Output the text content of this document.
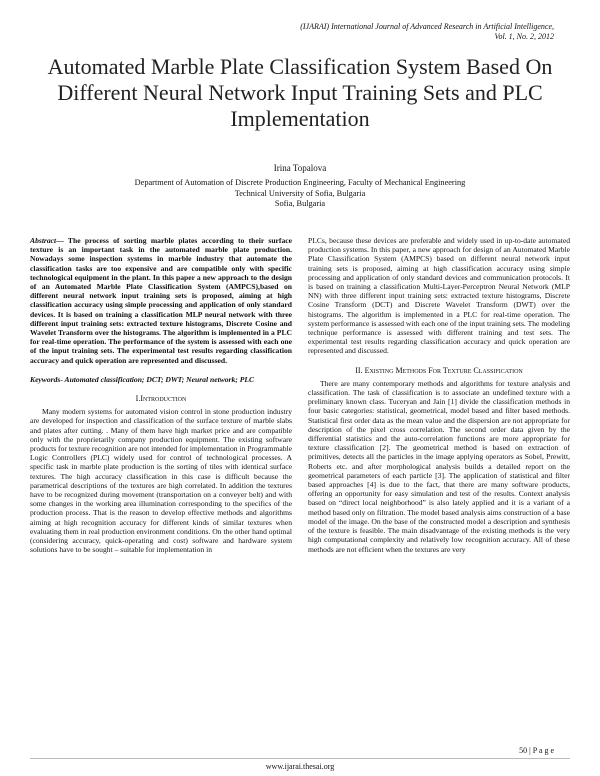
(IJARAI) International Journal of Advanced Research in Artificial Intelligence,
Vol. 1, No. 2, 2012
Automated Marble Plate Classification System Based On Different Neural Network Input Training Sets and PLC Implementation
Irina Topalova
Department of Automation of Discrete Production Engineering, Faculty of Mechanical Engineering
Technical University of Sofia, Bulgaria
Sofia, Bulgaria
Abstract— The process of sorting marble plates according to their surface texture is an important task in the automated marble plate production. Nowadays some inspection systems in marble industry that automate the classification tasks are too expensive and are compatible only with specific technological equipment in the plant. In this paper a new approach to the design of an Automated Marble Plate Classification System (AMPCS),based on different neural network input training sets is proposed, aiming at high classification accuracy using simple processing and application of only standard devices. It is based on training a classification MLP neural network with three different input training sets: extracted texture histograms, Discrete Cosine and Wavelet Transform over the histograms. The algorithm is implemented in a PLC for real-time operation. The performance of the system is assessed with each one of the input training sets. The experimental test results regarding classification accuracy and quick operation are represented and discussed.
Keywords- Automated classification; DCT; DWT; Neural network; PLC
I.Introduction

Many modern systems for automated vision control in stone production industry are developed for inspection and classification of the surface texture of marble slabs and plates after cutting. . Many of them have high market price and are compatible only with the proprietarily company production equipment. The existing software products for texture recognition are not intended for implementation in Programmable Logic Controllers (PLC) widely used for control of technological processes. A specific task in marble plate production is the sorting of tiles with identical surface textures. The high accuracy classification in this case is difficult because the parametrical descriptions of the textures are high correlated. In addition the textures have to be recognized during movement (transportation on a conveyer belt) and with some changes in the working area illumination corresponding to the specifics of the production process. That is the reason to develop effective methods and algorithms aiming at high recognition accuracy for different kinds of similar textures when evaluating them in real production environment conditions. On the other hand optimal (considering accuracy, quick-operating and cost) software and hardware system solutions have to be sought – suitable for implementation in

PLCs, because these devices are preferable and widely used in up-to-date automated production systems. In this paper, a new approach for design of an Automated Marble Plate Classification System (AMPCS) based on different neural network input training sets is proposed, aiming at high classification accuracy using simple processing and application of only standard devices and communication protocols. It is based on training a classification Multi-Layer-Perceptron Neural Network (MLP NN) with three different input training sets: extracted texture histograms, Discrete Cosine Transform (DCT) and Discrete Wavelet Transform (DWT) over the histograms. The algorithm is implemented in a PLC for real-time operation. The system performance is assessed with each one of the input training sets. The modeling technique performance is assessed with different training and test sets. The experimental test results regarding classification accuracy and quick operation are represented and discussed.

II. Existing Methods For Texture Classification

There are many contemporary methods and algorithms for texture analysis and classification. The task of classification is to associate an undefined texture with a preliminary known class. Tuceryan and Jain [1] divide the classification methods in four basic categories: statistical, geometrical, model based and filter based methods. Statistical first order data as the mean value and the dispersion are not appropriate for description of the pixel cross correlation. The second order data given by the differential statistics and the auto-correlation functions are more appropriate for texture classification [2]. The geometrical method is based on extraction of primitives, detects all the particles in the image applying operators as Sobel, Prewitt, Roberts etc. and after morphological analysis builds a detailed report on the geometrical parameters of each particle [3]. The application of statistical and filter based approaches [4] is due to the fact, that there are many software products, offering an opportunity for easy simulation and test of the results. Context analysis based on “direct local neighborhood” is also lately applied and it is a variant of a method based only on filtration. The model based analysis aims construction of a base model of the image. On the base of the constructed model a description and synthesis of the texture is feasible. The main disadvantage of the existing methods is the very high computational complexity and relatively low recognition accuracy. All of these methods are not efficient when the textures are very

50 | P a g e
www.ijarai.thesai.org
